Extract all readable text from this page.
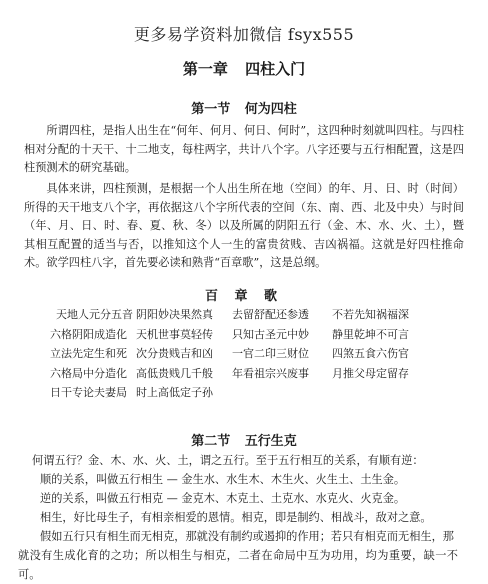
更多易学资料加微信 fsyx555
第一章 四柱入门
第一节 何为四柱

所谓四柱，是指人出生在“何年、何月、何日、何时”，这四种时刻就叫四柱。与四柱相对分配的十天干、十二地支，每柱两字，共计八个字。八字还要与五行相配置，这是四柱预测术的研究基础。

具体来讲，四柱预测，是根据一个人出生所在地（空间）的年、月、日、时（时间）所得的天干地支八个字，再依据这八个字所代表的空间（东、南、西、北及中央）与时间（年、月、日、时、春、夏、秋、冬）以及所属的阴阳五行（金、木、水、火、土），暨其相互配置的适当与否，以推知这个人一生的富贵贫贱、吉凶祸福。这就是好四柱推命术。欲学四柱八字，首先要必读和熟背“百章歌”，这是总纲。

百 章 歌
天地人元分五音 阴阳妙决果然真	去留舒配还参透	不若先知祸福深
六格阴阳成造化 天机世事莫轻传	只知古圣元中妙	静里乾坤不可言
立法先定生和死 次分贵贱吉和凶	一官二印三财位	四煞五食六伤官
六格局中分造化 高低贵贱几千般	年看祖宗兴废事	月推父母定留存
日干专论夫妻局 时上高低定子孙
第二节 五行生克

何谓五行？金、木、水、火、土，谓之五行。至于五行相互的关系，有顺有逆：

顺的关系，叫做五行相生 — 金生水、水生木、木生火、火生土、土生金。

逆的关系，叫做五行相克 — 金克木、木克土、土克水、水克火、火克金。

相生，好比母生子，有相亲相爱的恩情。相克，即是制约、相战斗，敌对之意。

假如五行只有相生而无相克，那就没有制约或遏抑的作用；若只有相克而无相生，那

就没有生成化育的之功；所以相生与相克，二者在命局中互为功用，均为重要，缺一不可。
